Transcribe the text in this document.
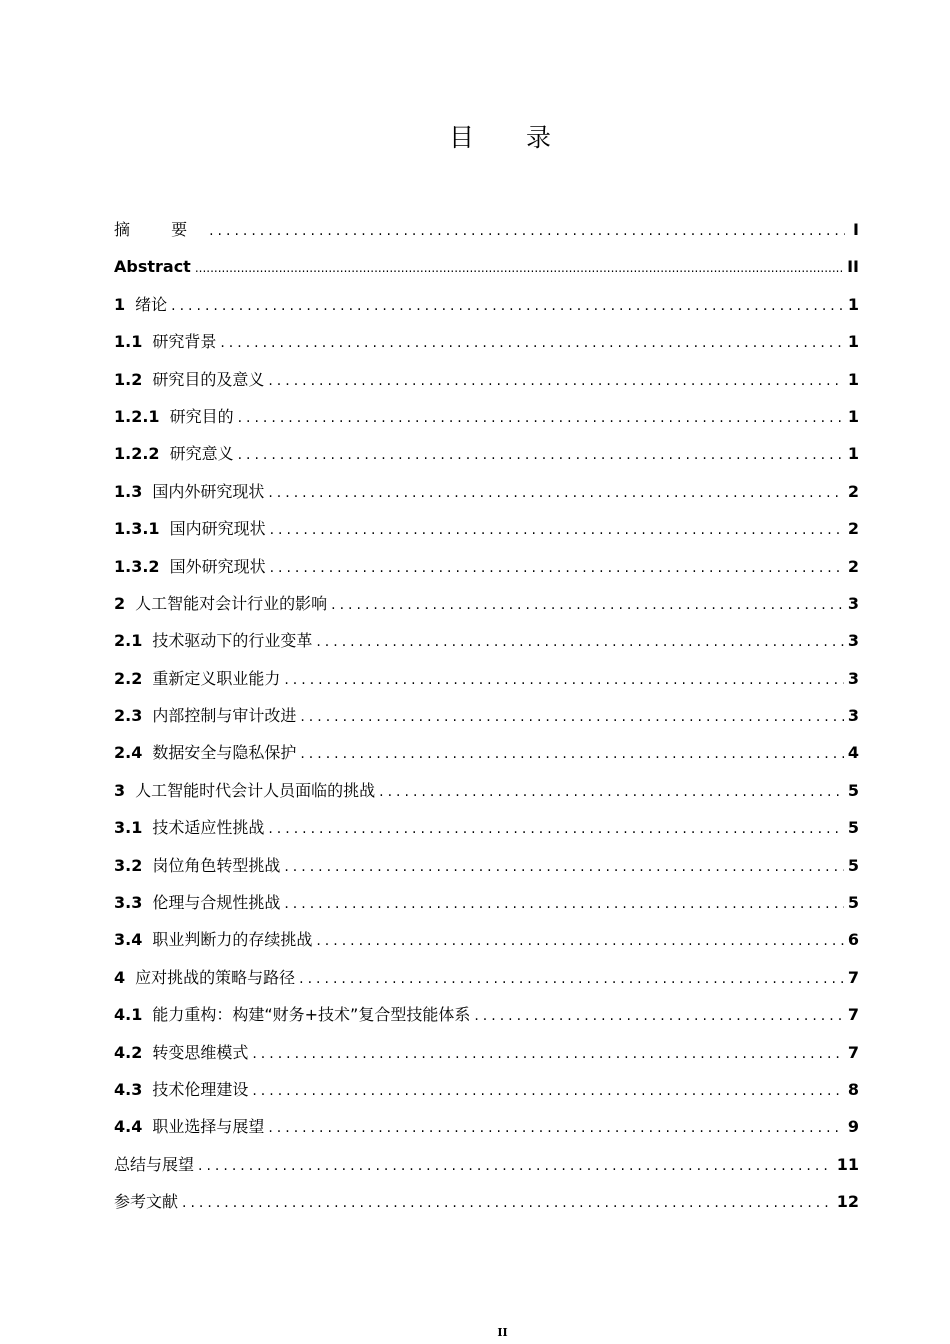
目 录
摘 要 .....	I
Abstract .....	II
1 绪论 .....	1
1.1 研究背景 .....	1
1.2 研究目的及意义 .....	1
1.2.1 研究目的 .....	1
1.2.2 研究意义 .....	1
1.3 国内外研究现状 .....	2
1.3.1 国内研究现状 .....	2
1.3.2 国外研究现状 .....	2
2 人工智能对会计行业的影响 .....	3
2.1 技术驱动下的行业变革 .....	3
2.2 重新定义职业能力 .....	3
2.3 内部控制与审计改进 .....	3
2.4 数据安全与隐私保护 .....	4
3 人工智能时代会计人员面临的挑战 .....	5
3.1 技术适应性挑战 .....	5
3.2 岗位角色转型挑战 .....	5
3.3 伦理与合规性挑战 .....	5
3.4 职业判断力的存续挑战 .....	6
4 应对挑战的策略与路径 .....	7
4.1 能力重构：构建“财务+技术”复合型技能体系 .....	7
4.2 转变思维模式 .....	7
4.3 技术伦理建设 .....	8
4.4 职业选择与展望 .....	9
总结与展望 .....	11
参考文献 .....	12
II
